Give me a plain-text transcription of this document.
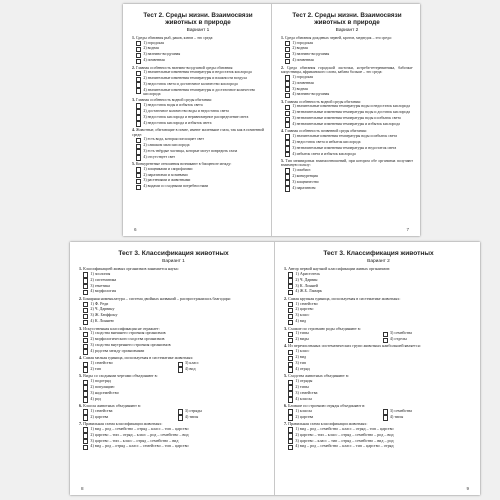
Тест 2. Среды жизни. Взаимосвязи животных в природе
Вариант 1
1. Среды обитания рыб, раков, китов – это среда:
1) городская
2) водная
3) наземно-воздушная
4) почвенная
2. Главная особенность наземно-воздушной среды обитания:
1) значительные изменения температуры и недостаток кислорода
2) значительные изменения температуры и влажности воздуха
3) недостаток света и достаточное количество кислорода
4) значительные изменения температуры и достаточное количество кислорода
3. Главная особенность водной среды обитания:
1) недостаток воды и избыток света
2) достаточное количество воды и недостаток света
3) недостаток кислорода и неравномерное распределение света
4) недостаток кислорода и избыток света
4. Животные, обитающие в почве, имеют маленькие глаза, так как в почвенной среде:
1) есть вода, которая поглощает свет
2) слишком мало кислорода
3) есть твёрдые частицы, которые могут повредить глаза
4) отсутствует свет
5. Конкурентные отношения возникают в биоценозе между:
1) хищниками и сапрофагами
2) паразитами и хозяевами
3) растениями и животными
4) видами со сходными потребностями
6
Тест 2. Среды жизни. Взаимосвязи животных в природе
Вариант 2
1. Среда обитания дождевых червей, кротов, медведок – это среда:
1) городская
2) водная
3) наземно-воздушная
4) почвенная
2. Среда обитания городской ласточки, ястреба-тетеревятника, бабочки-капустницы, африканского слона, кабана больше – это среда:
1) городская
2) почвенная
3) водная
4) наземно-воздушная
3. Главная особенность водной среды обитания:
1) значительные изменения температуры воды и недостаток кислорода
2) незначительные изменения температуры воды и достаток кислорода
3) незначительные изменения температуры воды и избыток света
4) незначительные изменения температуры и избыток кислорода
4. Главная особенность почвенной среды обитания:
1) значительные изменения температуры воды и избыток света
2) недостаток света и избыток кислорода
3) незначительные изменения температуры и недостаток света
4) избыток света и избыток кислорода
5. Тип межвидовых взаимоотношений, при котором обе организма получают взаимную пользу:
1) симбиоз
2) конкуренция
3) хищничество
4) паразитизм
7
Тест 3. Классификация животных
Вариант 1
1. Классификацией живых организмов занимается наука:
1) зоология
2) систематика
3) генетика
4) морфология
2. Бинарная номенклатура – система двойных названий – распространилась благодаря:
1) Ф. Реди
2) Ч. Дарвину
3) Ж. Бюффону
4) К. Линнею
3. Искусственная классификация не отражает:
1) сходства внешнего строения организмов
2) морфологического сходства организмов
3) сходства внутреннего строения организмов
4) родства между организмами
4. Самая мелкая единица, используемая в систематике животных:
1) семейство	3) класс
2) тип	4) вид
5. Виды со сходными чертами объединяют в:
1) подотряд
2) популяцию
3) надсемейство
4) род
6. Классы животных объединяют в:
1) семейства	3) отряды
2) царства	4) типы
7. Правильная схема классификации животных:
1) вид – род – семейство – отряд – класс – тип – царство
2) царство – тип – отряд – класс – род – семейство – вид
3) царство – тип – класс – отряд – семейство – вид
4) вид – род – отряд – класс – семейство – тип – царство
8
Тест 3. Классификация животных
Вариант 2
1. Автор первой научной классификации живых организмов:
1) Аристотель
2) Ч. Дарвин
3) К. Линней
4) Ж.Б. Ламарк
2. Самая крупная единица, используемая в систематике животных:
1) семейство
2) царство
3) класс
4) вид
3. Схожие по строению роды объединяют в:
1) типы	3) семейства
2) виды	4) отделы
4. Из перечисленных систематических групп животных наибольшей является:
1) класс
2) вид
3) тип
4) отряд
5. Сходства животных объединяют в:
1) отряды
2) типы
3) семейства
4) классы
6. Близкие по строению отряды объединяют в:
1) классы	3) семейства
2) царства	4) типы
7. Правильная схема классификации животных:
1) вид – род – семейство – класс – отряд – тип – царство
2) царство – тип – класс – отряд – семейство – род – вид
3) царство – класс – тип – отряд – семейство – вид – род
4) вид – род – семейство – класс – тип – царство – отряд
9
